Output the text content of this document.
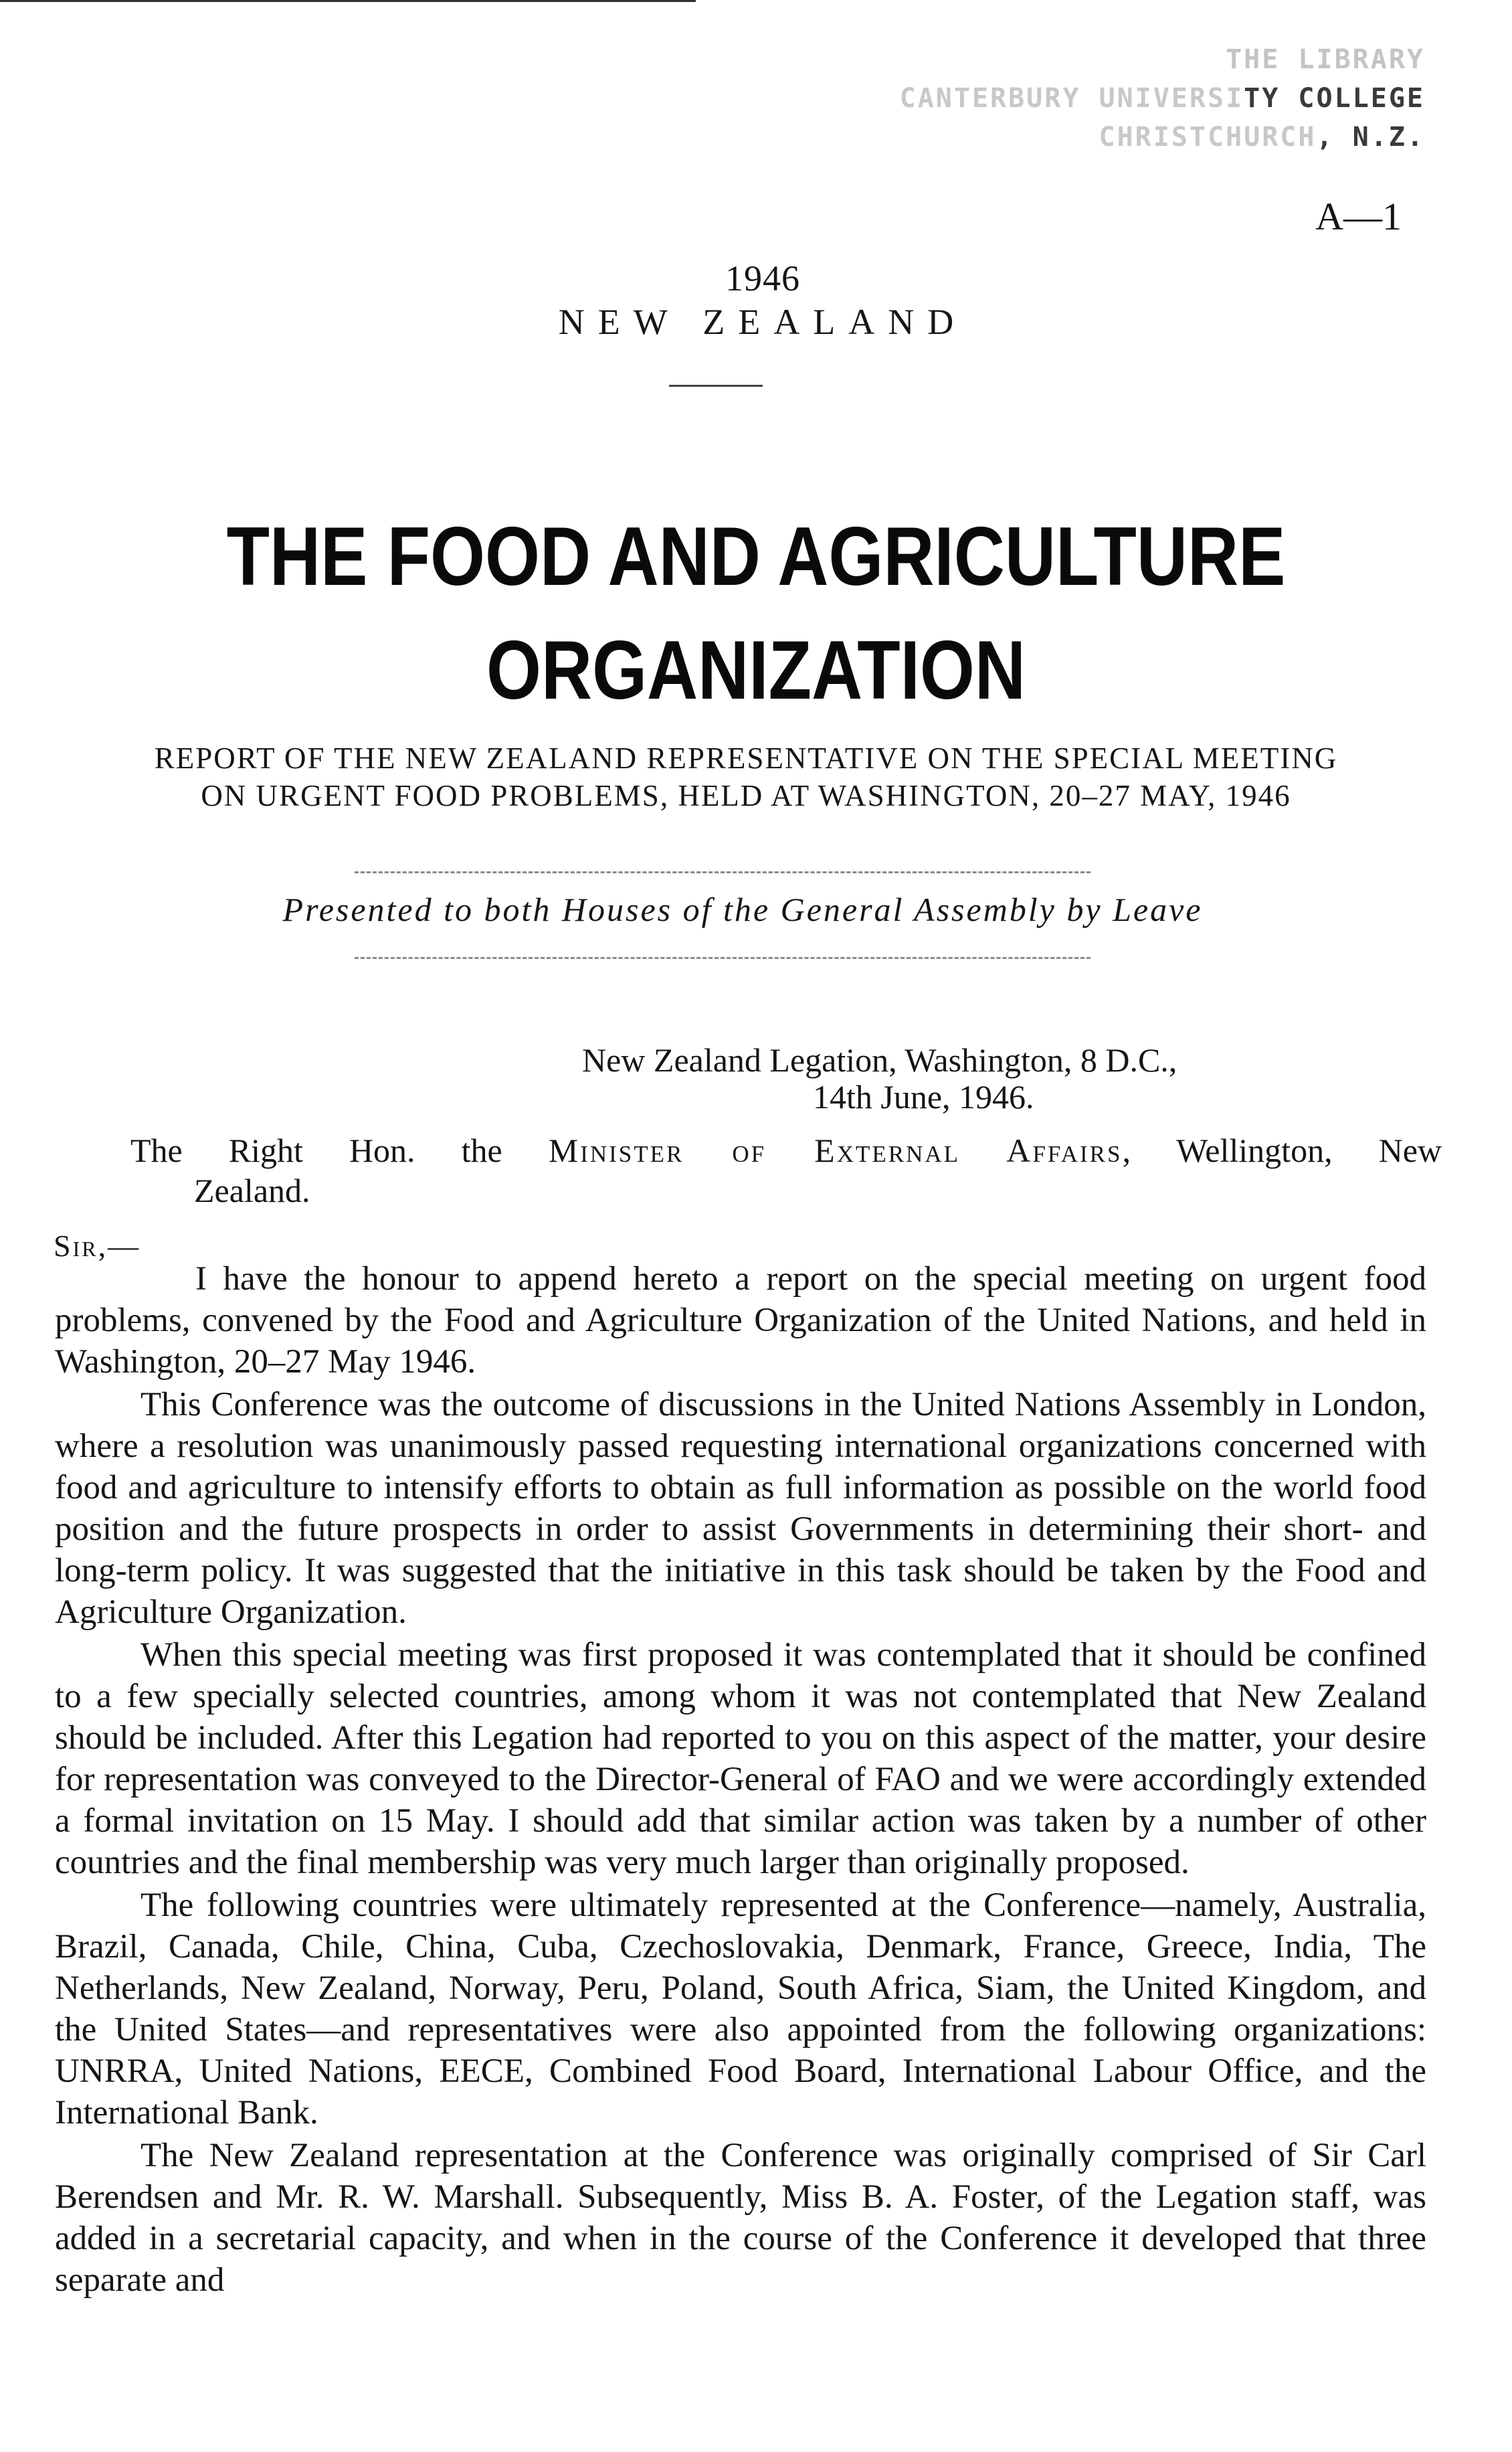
THE LIBRARY
CANTERBURY UNIVERSITY COLLEGE
CHRISTCHURCH, N.Z.
A—1
1946
NEW ZEALAND
THE FOOD AND AGRICULTURE
ORGANIZATION
REPORT OF THE NEW ZEALAND REPRESENTATIVE ON THE SPECIAL MEETING
ON URGENT FOOD PROBLEMS, HELD AT WASHINGTON, 20–27 MAY, 1946
Presented to both Houses of the General Assembly by Leave
New Zealand Legation, Washington, 8 D.C.,
14th June, 1946.
The Right Hon. the Minister of External Affairs, Wellington, New
Zealand.
Sir,—

I have the honour to append hereto a report on the special meeting on urgent food problems, convened by the Food and Agriculture Organization of the United Nations, and held in Washington, 20–27 May 1946.

This Conference was the outcome of discussions in the United Nations Assembly in London, where a resolution was unanimously passed requesting international organizations concerned with food and agriculture to intensify efforts to obtain as full information as possible on the world food position and the future prospects in order to assist Governments in determining their short- and long-term policy. It was suggested that the initiative in this task should be taken by the Food and Agriculture Organization.

When this special meeting was first proposed it was contemplated that it should be confined to a few specially selected countries, among whom it was not contemplated that New Zealand should be included. After this Legation had reported to you on this aspect of the matter, your desire for representation was conveyed to the Director-General of FAO and we were accordingly extended a formal invitation on 15 May. I should add that similar action was taken by a number of other countries and the final membership was very much larger than originally proposed.

The following countries were ultimately represented at the Conference—namely, Australia, Brazil, Canada, Chile, China, Cuba, Czechoslovakia, Denmark, France, Greece, India, The Netherlands, New Zealand, Norway, Peru, Poland, South Africa, Siam, the United Kingdom, and the United States—and representatives were also appointed from the following organizations: UNRRA, United Nations, EECE, Combined Food Board, International Labour Office, and the International Bank.

The New Zealand representation at the Conference was originally comprised of Sir Carl Berendsen and Mr. R. W. Marshall. Subsequently, Miss B. A. Foster, of the Legation staff, was added in a secretarial capacity, and when in the course of the Conference it developed that three separate and
